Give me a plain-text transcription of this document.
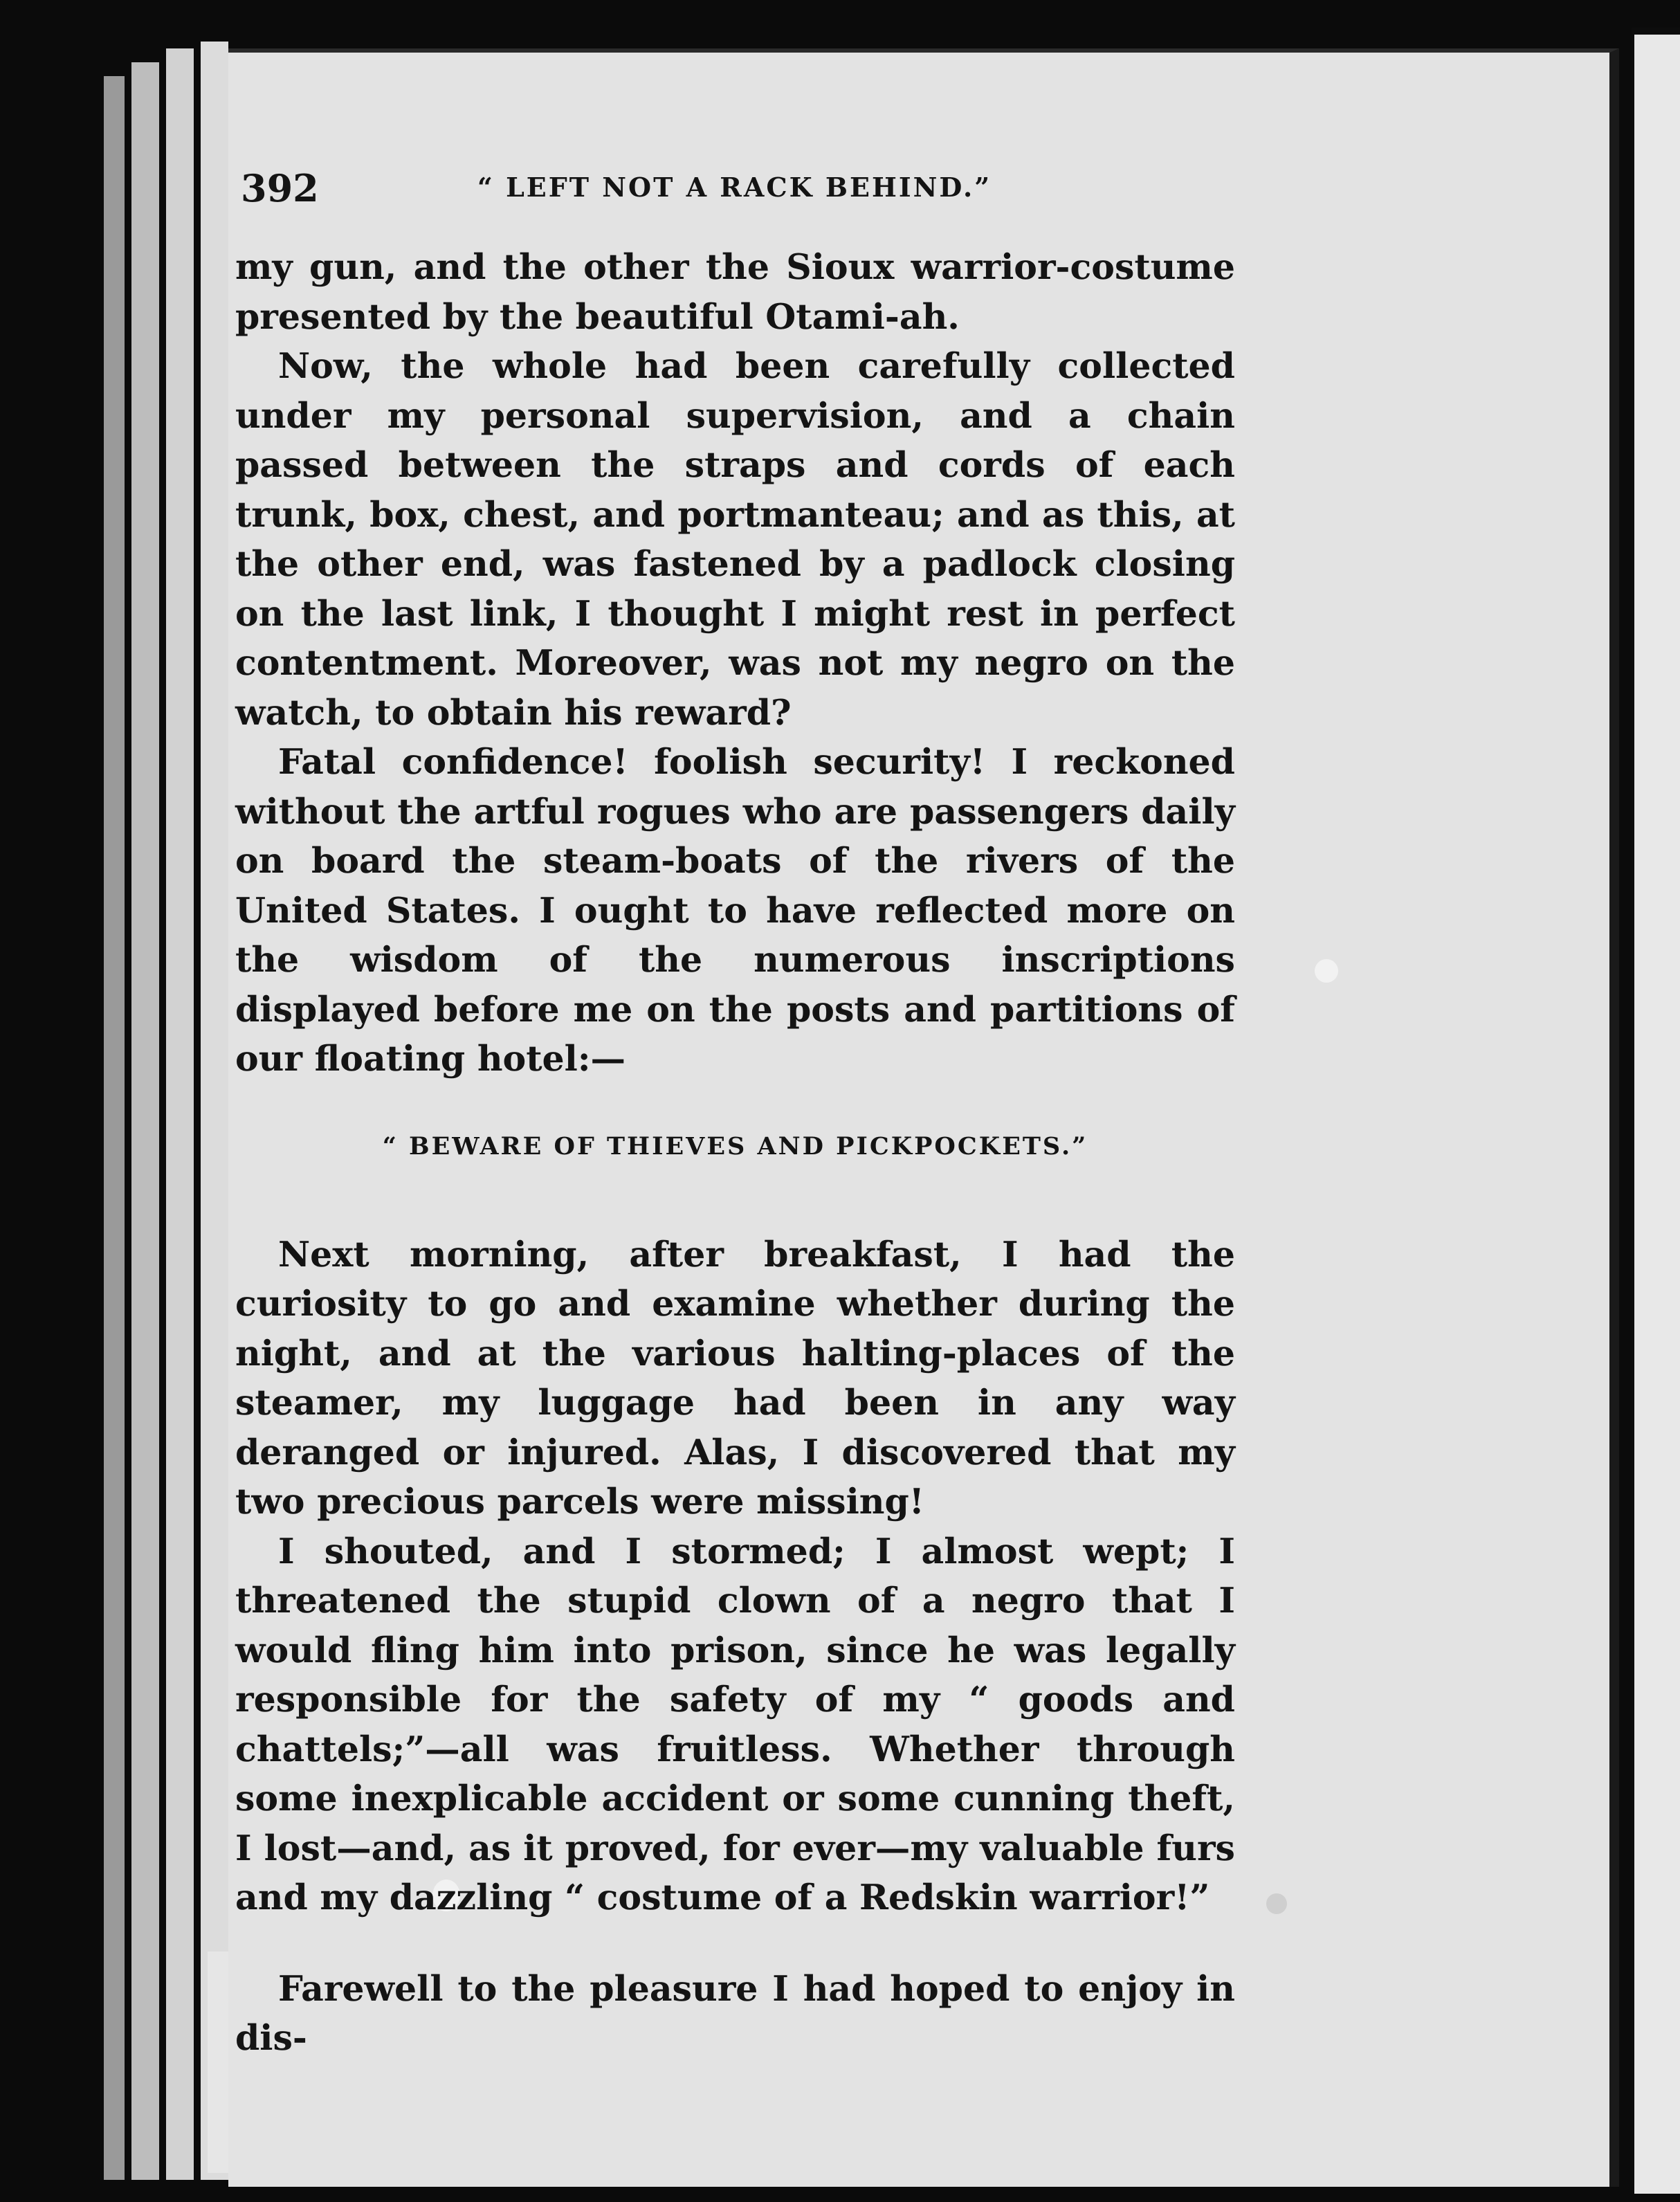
392	“ LEFT NOT A RACK BEHIND.”

my gun, and the other the Sioux warrior-costume presented by the beautiful Otami-ah.

Now, the whole had been carefully collected under my personal supervision, and a chain passed between the straps and cords of each trunk, box, chest, and portmanteau; and as this, at the other end, was fastened by a padlock closing on the last link, I thought I might rest in perfect contentment. Moreover, was not my negro on the watch, to obtain his reward?

Fatal confidence! foolish security! I reckoned without the artful rogues who are passengers daily on board the steam-boats of the rivers of the United States. I ought to have reflected more on the wisdom of the numerous inscriptions displayed before me on the posts and partitions of our floating hotel:—

“ BEWARE OF THIEVES AND PICKPOCKETS.”

Next morning, after breakfast, I had the curiosity to go and examine whether during the night, and at the various halting-places of the steamer, my luggage had been in any way deranged or injured. Alas, I discovered that my two precious parcels were missing!

I shouted, and I stormed; I almost wept; I threatened the stupid clown of a negro that I would fling him into prison, since he was legally responsible for the safety of my “ goods and chattels;”—all was fruitless. Whether through some inexplicable accident or some cunning theft, I lost—and, as it proved, for ever—my valuable furs and my dazzling “ costume of a Redskin warrior!”

Farewell to the pleasure I had hoped to enjoy in dis-
